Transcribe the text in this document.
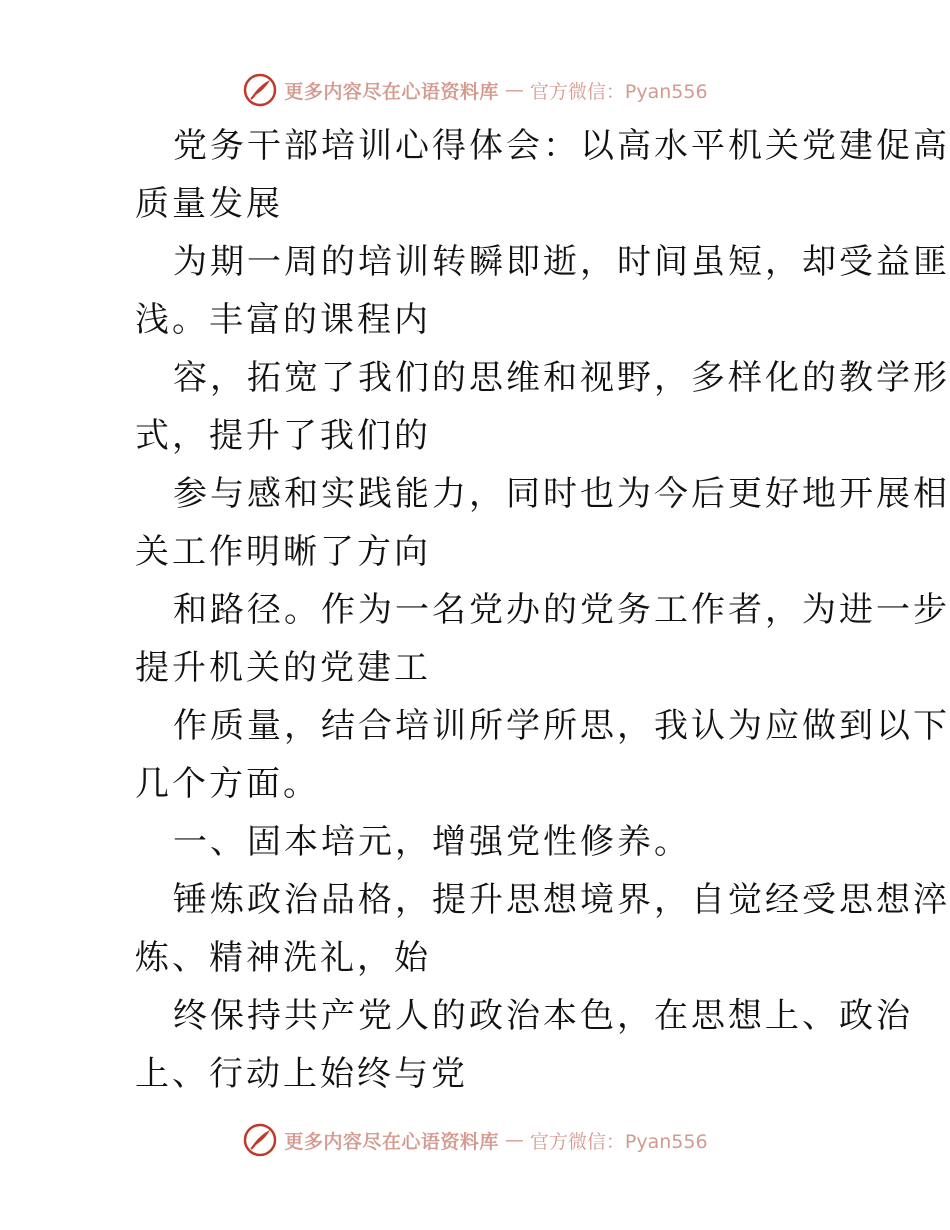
更多内容尽在心语资料库 — 官方微信：Pyan556
党务干部培训心得体会：以高水平机关党建促高
质量发展
为期一周的培训转瞬即逝，时间虽短，却受益匪
浅。丰富的课程内
容，拓宽了我们的思维和视野，多样化的教学形
式，提升了我们的
参与感和实践能力，同时也为今后更好地开展相
关工作明晰了方向
和路径。作为一名党办的党务工作者，为进一步
提升机关的党建工
作质量，结合培训所学所思，我认为应做到以下
几个方面。
一、固本培元，增强党性修养。
锤炼政治品格，提升思想境界，自觉经受思想淬
炼、精神洗礼，始
终保持共产党人的政治本色，在思想上、政治
上、行动上始终与党
更多内容尽在心语资料库 — 官方微信：Pyan556
